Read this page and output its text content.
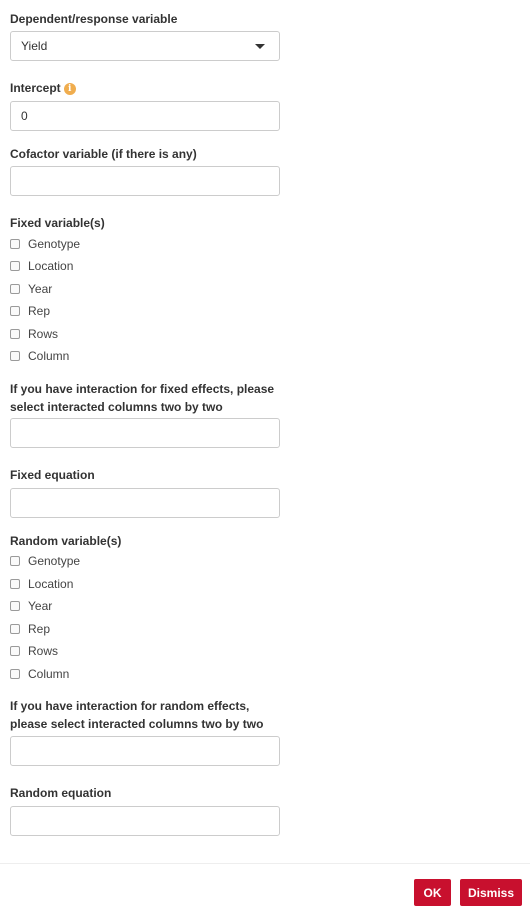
Dependent/response variable
Yield
Intercept i
0
Cofactor variable (if there is any)
Fixed variable(s)
Genotype
Location
Year
Rep
Rows
Column
If you have interaction for fixed effects, please select interacted columns two by two
Fixed equation
Random variable(s)
Genotype
Location
Year
Rep
Rows
Column
If you have interaction for random effects, please select interacted columns two by two
Random equation
OK	Dismiss
